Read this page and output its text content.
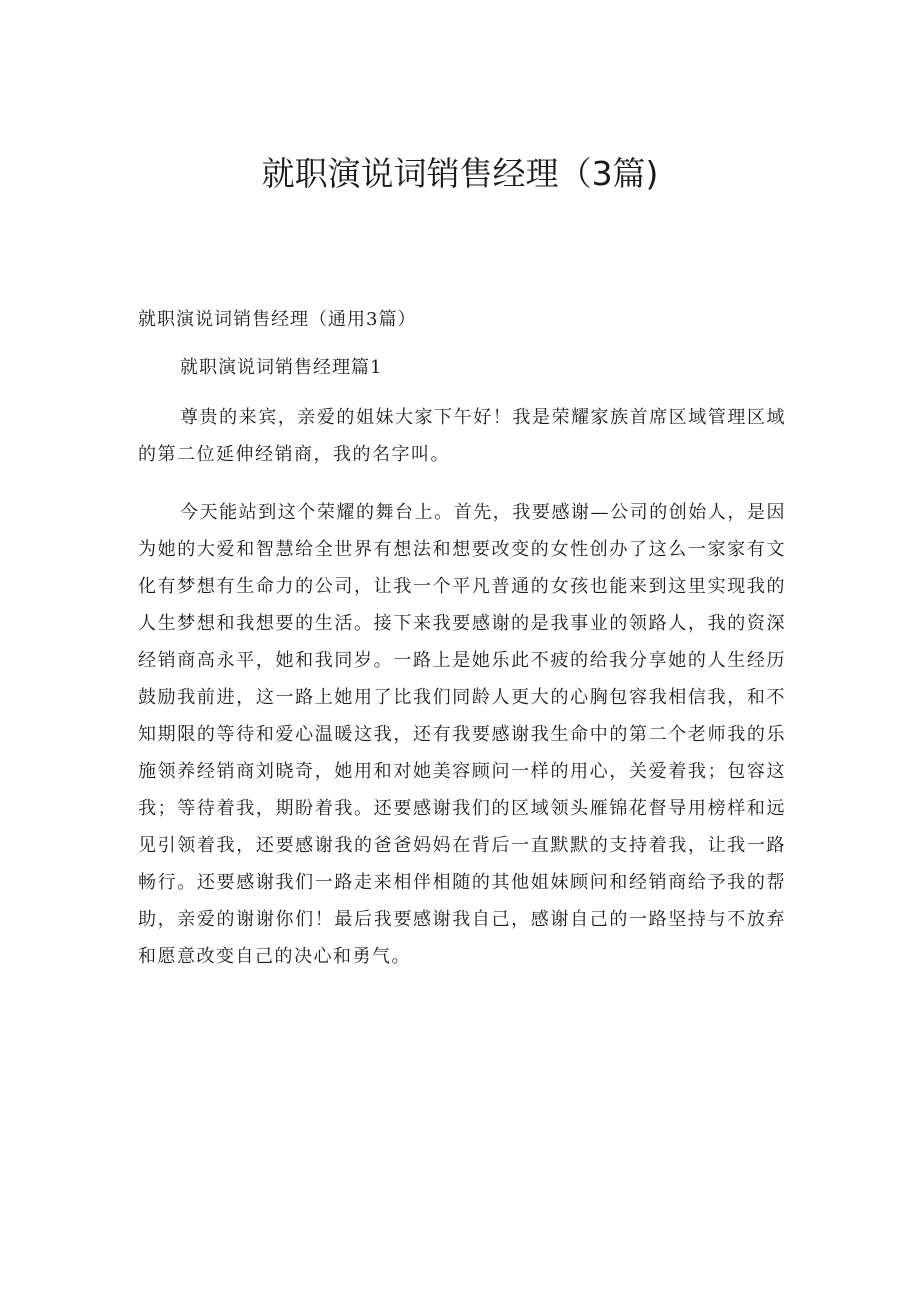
就职演说词销售经理（3篇)

就职演说词销售经理（通用3篇）

就职演说词销售经理篇1

尊贵的来宾，亲爱的姐妹大家下午好！我是荣耀家族首席区域管理区域的第二位延伸经销商，我的名字叫。

今天能站到这个荣耀的舞台上。首先，我要感谢—公司的创始人，是因为她的大爱和智慧给全世界有想法和想要改变的女性创办了这么一家家有文化有梦想有生命力的公司，让我一个平凡普通的女孩也能来到这里实现我的人生梦想和我想要的生活。接下来我要感谢的是我事业的领路人，我的资深经销商高永平，她和我同岁。一路上是她乐此不疲的给我分享她的人生经历鼓励我前进，这一路上她用了比我们同龄人更大的心胸包容我相信我，和不知期限的等待和爱心温暖这我，还有我要感谢我生命中的第二个老师我的乐施领养经销商刘晓奇，她用和对她美容顾问一样的用心，关爱着我；包容这我；等待着我，期盼着我。还要感谢我们的区域领头雁锦花督导用榜样和远见引领着我，还要感谢我的爸爸妈妈在背后一直默默的支持着我，让我一路畅行。还要感谢我们一路走来相伴相随的其他姐妹顾问和经销商给予我的帮助，亲爱的谢谢你们！最后我要感谢我自己，感谢自己的一路坚持与不放弃和愿意改变自己的决心和勇气。
